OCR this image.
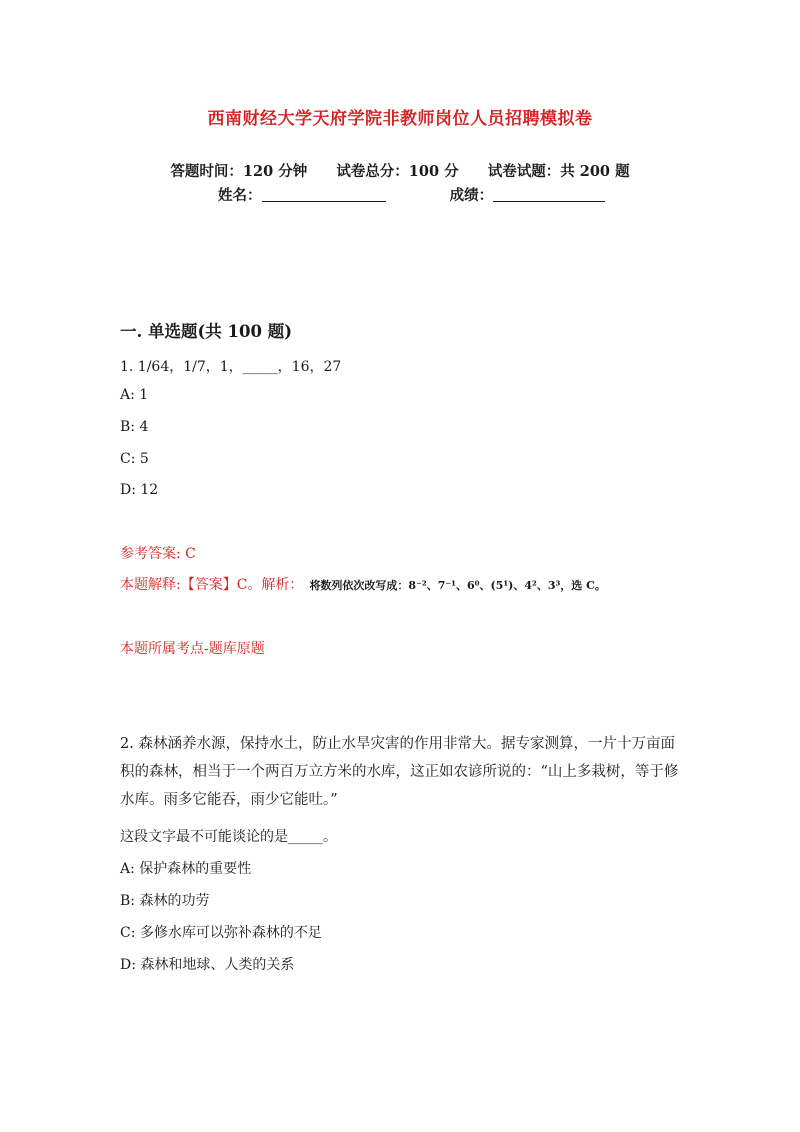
西南财经大学天府学院非教师岗位人员招聘模拟卷
答题时间：120 分钟 试卷总分：100 分 试卷试题：共 200 题
姓名：	成绩：
一. 单选题(共 100 题)
1. 1/64，1/7，1，_____，16，27
A: 1
B: 4
C: 5
D: 12
参考答案: C
本题解释:【答案】C。解析： 将数列依次改写成：8⁻²、7⁻¹、6⁰、(5¹)、4²、3³，选 C。
本题所属考点-题库原题
2. 森林涵养水源，保持水土，防止水旱灾害的作用非常大。据专家测算，一片十万亩面积的森林，相当于一个两百万立方米的水库，这正如农谚所说的：“山上多栽树，等于修水库。雨多它能吞，雨少它能吐。”
这段文字最不可能谈论的是_____。
A: 保护森林的重要性
B: 森林的功劳
C: 多修水库可以弥补森林的不足
D: 森林和地球、人类的关系
